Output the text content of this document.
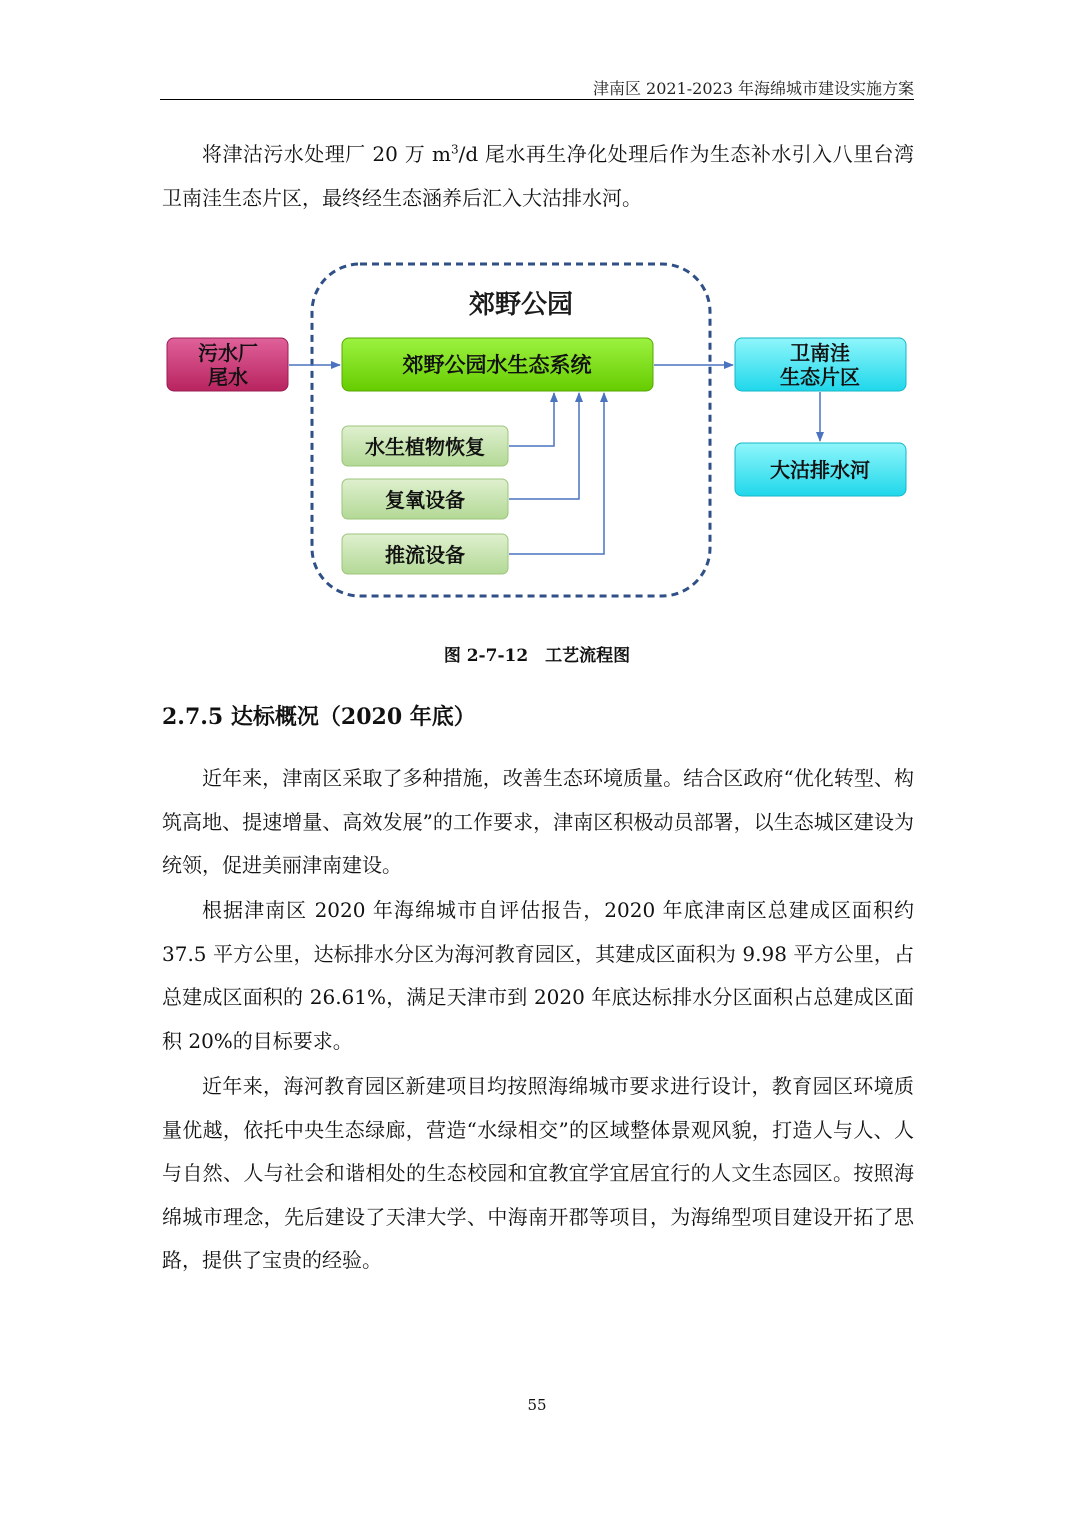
津南区 2021-2023 年海绵城市建设实施方案
将津沽污水处理厂 20 万 $m^3/d$ 尾水再生净化处理后作为生态补水引入八里台湾卫南洼生态片区，最终经生态涵养后汇入大沽排水河。
郊野公园
污水厂
尾水	郊野公园水生态系统
水生植物恢复
复氧设备
推流设备
卫南洼
生态片区
大沽排水河
图 2-7-12　工艺流程图
2.7.5 达标概况（2020 年底）
近年来，津南区采取了多种措施，改善生态环境质量。结合区政府“优化转型、构筑高地、提速增量、高效发展”的工作要求，津南区积极动员部署，以生态城区建设为统领，促进美丽津南建设。
根据津南区 2020 年海绵城市自评估报告，2020 年底津南区总建成区面积约 37.5 平方公里，达标排水分区为海河教育园区，其建成区面积为 9.98 平方公里，占总建成区面积的 26.61%，满足天津市到 2020 年底达标排水分区面积占总建成区面积 20%的目标要求。
近年来，海河教育园区新建项目均按照海绵城市要求进行设计，教育园区环境质量优越，依托中央生态绿廊，营造“水绿相交”的区域整体景观风貌，打造人与人、人与自然、人与社会和谐相处的生态校园和宜教宜学宜居宜行的人文生态园区。按照海绵城市理念，先后建设了天津大学、中海南开郡等项目，为海绵型项目建设开拓了思路，提供了宝贵的经验。
55
